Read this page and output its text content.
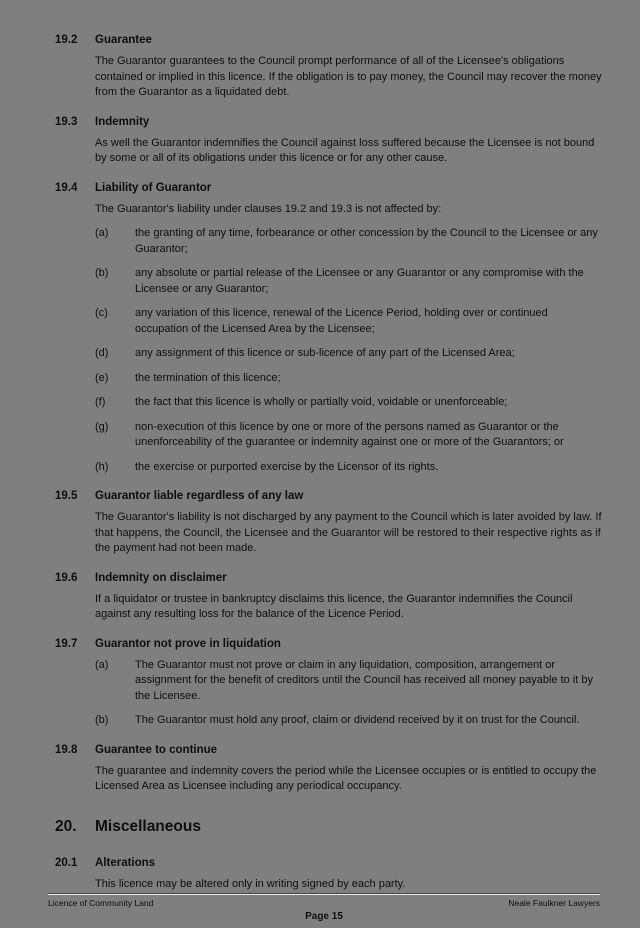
19.2	Guarantee

The Guarantor guarantees to the Council prompt performance of all of the Licensee's obligations contained or implied in this licence. If the obligation is to pay money, the Council may recover the money from the Guarantor as a liquidated debt.

19.3	Indemnity

As well the Guarantor indemnifies the Council against loss suffered because the Licensee is not bound by some or all of its obligations under this licence or for any other cause.

19.4	Liability of Guarantor

The Guarantor's liability under clauses 19.2 and 19.3 is not affected by:

(a)	the granting of any time, forbearance or other concession by the Council to the Licensee or any Guarantor;
(b)	any absolute or partial release of the Licensee or any Guarantor or any compromise with the Licensee or any Guarantor;
(c)	any variation of this licence, renewal of the Licence Period, holding over or continued occupation of the Licensed Area by the Licensee;
(d)	any assignment of this licence or sub-licence of any part of the Licensed Area;
(e)	the termination of this licence;
(f)	the fact that this licence is wholly or partially void, voidable or unenforceable;
(g)	non-execution of this licence by one or more of the persons named as Guarantor or the unenforceability of the guarantee or indemnity against one or more of the Guarantors; or
(h)	the exercise or purported exercise by the Licensor of its rights.
19.5	Guarantor liable regardless of any law

The Guarantor's liability is not discharged by any payment to the Council which is later avoided by law. If that happens, the Council, the Licensee and the Guarantor will be restored to their respective rights as if the payment had not been made.

19.6	Indemnity on disclaimer

If a liquidator or trustee in bankruptcy disclaims this licence, the Guarantor indemnifies the Council against any resulting loss for the balance of the Licence Period.

19.7	Guarantor not prove in liquidation
(a)	The Guarantor must not prove or claim in any liquidation, composition, arrangement or assignment for the benefit of creditors until the Council has received all money payable to it by the Licensee.
(b)	The Guarantor must hold any proof, claim or dividend received by it on trust for the Council.
19.8	Guarantee to continue

The guarantee and indemnity covers the period while the Licensee occupies or is entitled to occupy the Licensed Area as Licensee including any periodical occupancy.

20.	Miscellaneous
20.1	Alterations

This licence may be altered only in writing signed by each party.

Licence of Community Land	Neale Faulkner Lawyers
Page 15
